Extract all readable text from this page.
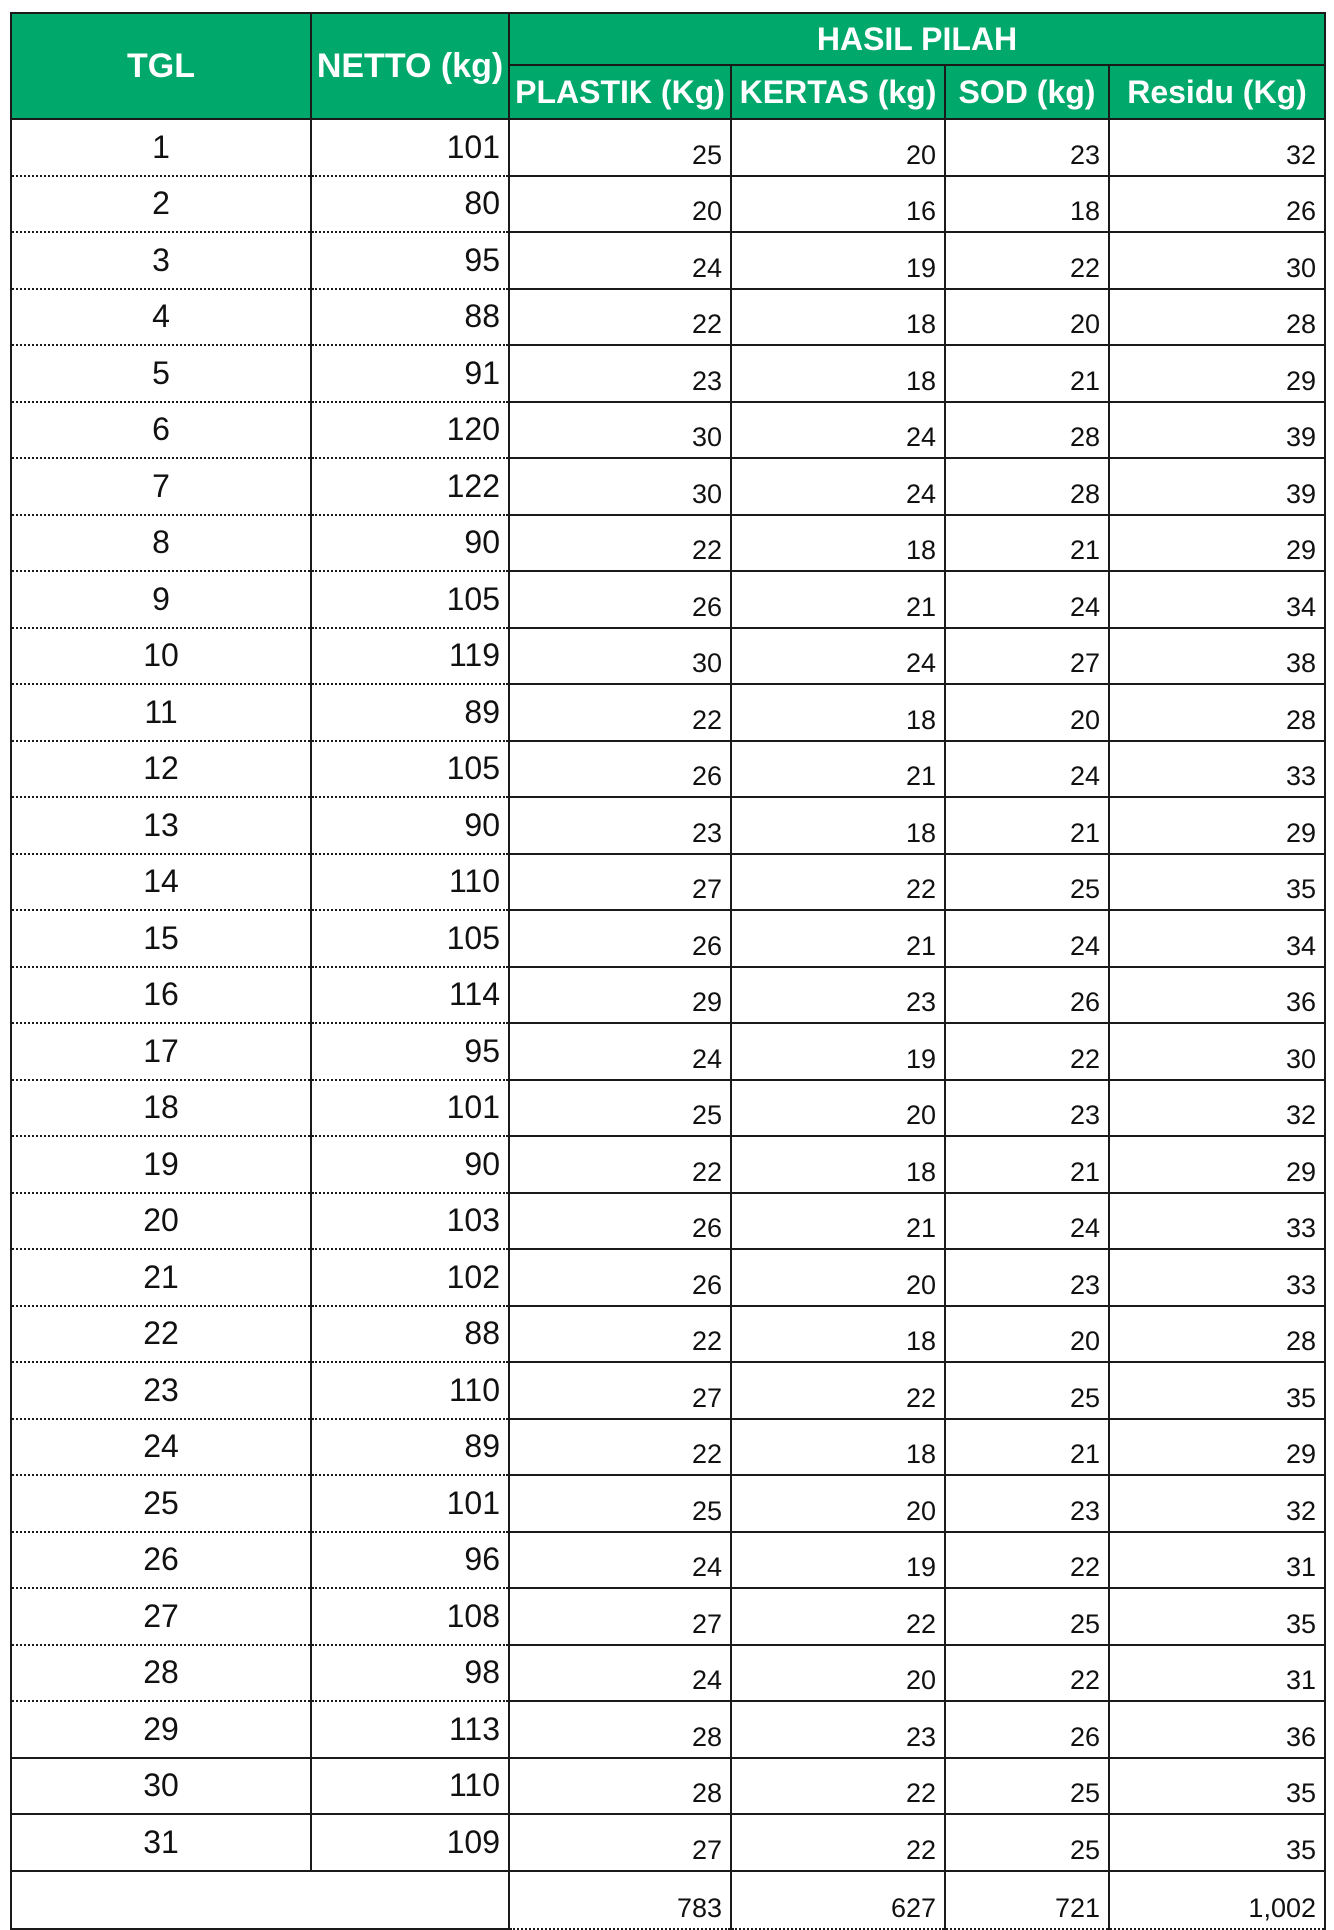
TGL	NETTO (kg)	HASIL PILAH			
		PLASTIK (Kg)	KERTAS (kg)	SOD (kg)	Residu (Kg)
1	101	25	20	23	32
2	80	20	16	18	26
3	95	24	19	22	30
4	88	22	18	20	28
5	91	23	18	21	29
6	120	30	24	28	39
7	122	30	24	28	39
8	90	22	18	21	29
9	105	26	21	24	34
10	119	30	24	27	38
11	89	22	18	20	28
12	105	26	21	24	33
13	90	23	18	21	29
14	110	27	22	25	35
15	105	26	21	24	34
16	114	29	23	26	36
17	95	24	19	22	30
18	101	25	20	23	32
19	90	22	18	21	29
20	103	26	21	24	33
21	102	26	20	23	33
22	88	22	18	20	28
23	110	27	22	25	35
24	89	22	18	21	29
25	101	25	20	23	32
26	96	24	19	22	31
27	108	27	22	25	35
28	98	24	20	22	31
29	113	28	23	26	36
30	110	28	22	25	35
31	109	27	22	25	35
		783	627	721	1,002
